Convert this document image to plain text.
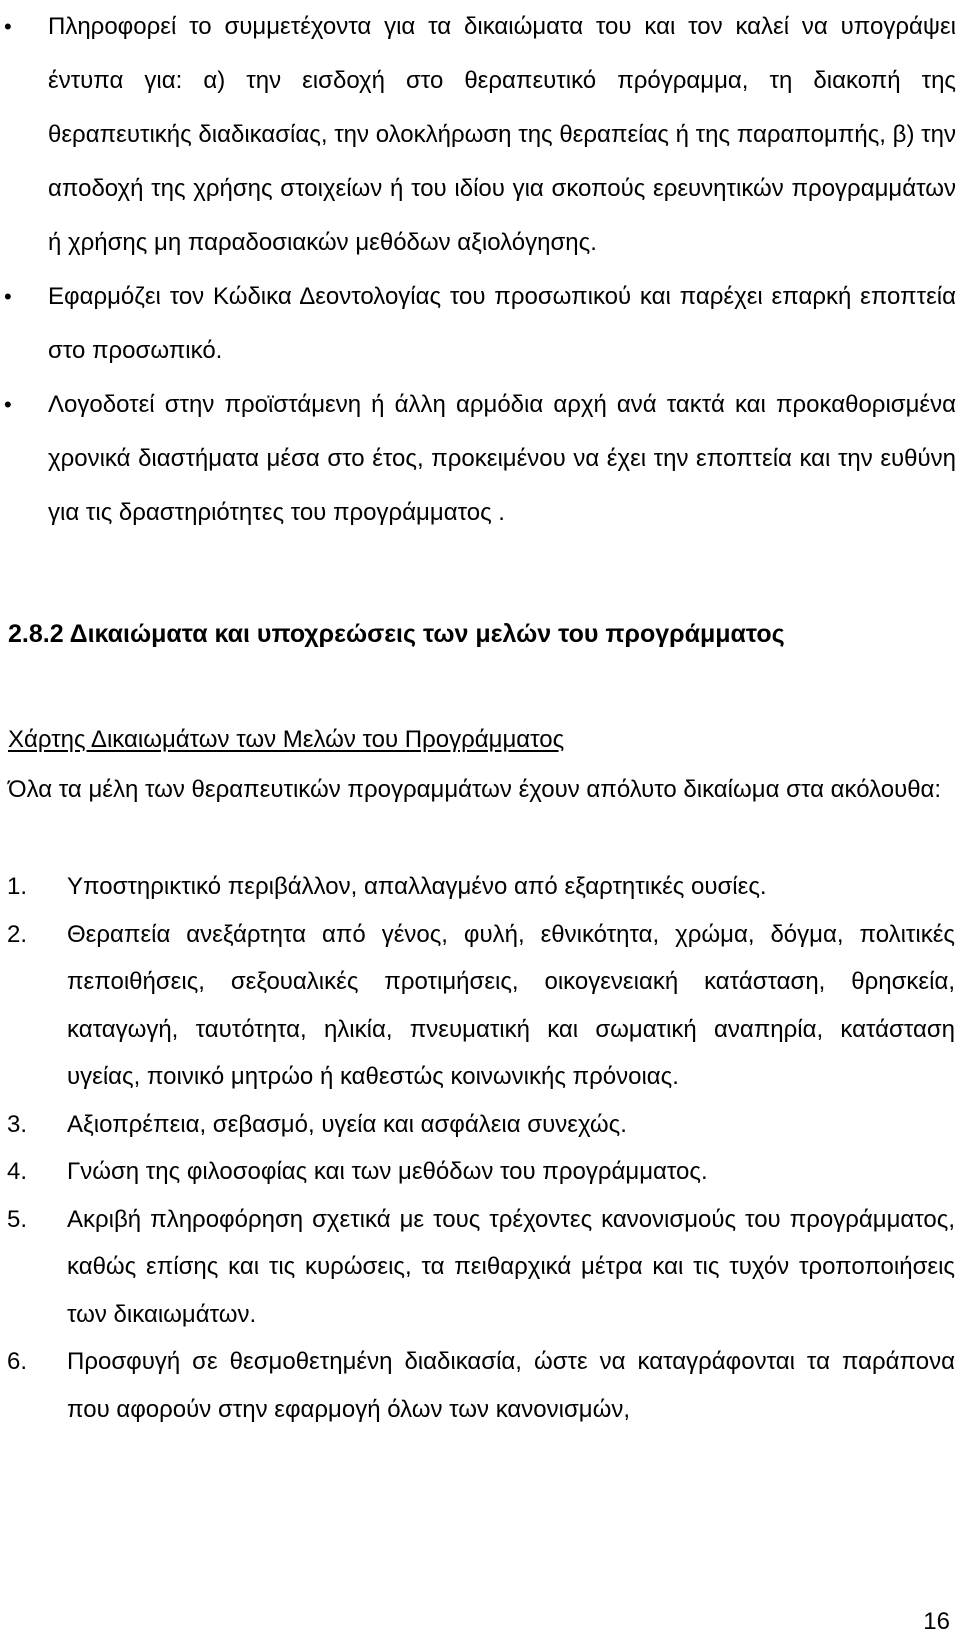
•	Πληροφορεί το συμμετέχοντα για τα δικαιώματα του και τον καλεί να υπογράψει έντυπα για: α) την εισδοχή στο θεραπευτικό πρόγραμμα, τη διακοπή της θεραπευτικής διαδικασίας, την ολοκλήρωση της θεραπείας ή της παραπομπής, β) την αποδοχή της χρήσης στοιχείων ή του ιδίου για σκοπούς ερευνητικών προγραμμάτων ή χρήσης μη παραδοσιακών μεθόδων αξιολόγησης.
•	Εφαρμόζει τον Κώδικα Δεοντολογίας του προσωπικού και παρέχει επαρκή εποπτεία στο προσωπικό.
•	Λογοδοτεί στην προϊστάμενη ή άλλη αρμόδια αρχή ανά τακτά και προκαθορισμένα χρονικά διαστήματα μέσα στο έτος, προκειμένου να έχει την εποπτεία και την ευθύνη για τις δραστηριότητες του προγράμματος .
2.8.2 Δικαιώματα και υποχρεώσεις των μελών του προγράμματος
Χάρτης Δικαιωμάτων των Μελών του Προγράμματος
Όλα τα μέλη των θεραπευτικών προγραμμάτων έχουν απόλυτο δικαίωμα στα ακόλουθα:
1.	Υποστηρικτικό περιβάλλον, απαλλαγμένο από εξαρτητικές ουσίες.
2.	Θεραπεία ανεξάρτητα από γένος, φυλή, εθνικότητα, χρώμα, δόγμα, πολιτικές πεποιθήσεις, σεξουαλικές προτιμήσεις, οικογενειακή κατάσταση, θρησκεία, καταγωγή, ταυτότητα, ηλικία, πνευματική και σωματική αναπηρία, κατάσταση υγείας, ποινικό μητρώο ή καθεστώς κοινωνικής πρόνοιας.
3.	Αξιοπρέπεια, σεβασμό, υγεία και ασφάλεια συνεχώς.
4.	Γνώση της φιλοσοφίας και των μεθόδων του προγράμματος.
5.	Ακριβή πληροφόρηση σχετικά με τους τρέχοντες κανονισμούς του προγράμματος, καθώς επίσης και τις κυρώσεις, τα πειθαρχικά μέτρα και τις τυχόν τροποποιήσεις των δικαιωμάτων.
6.	Προσφυγή σε θεσμοθετημένη διαδικασία, ώστε να καταγράφονται τα παράπονα που αφορούν στην εφαρμογή όλων των κανονισμών,
16
